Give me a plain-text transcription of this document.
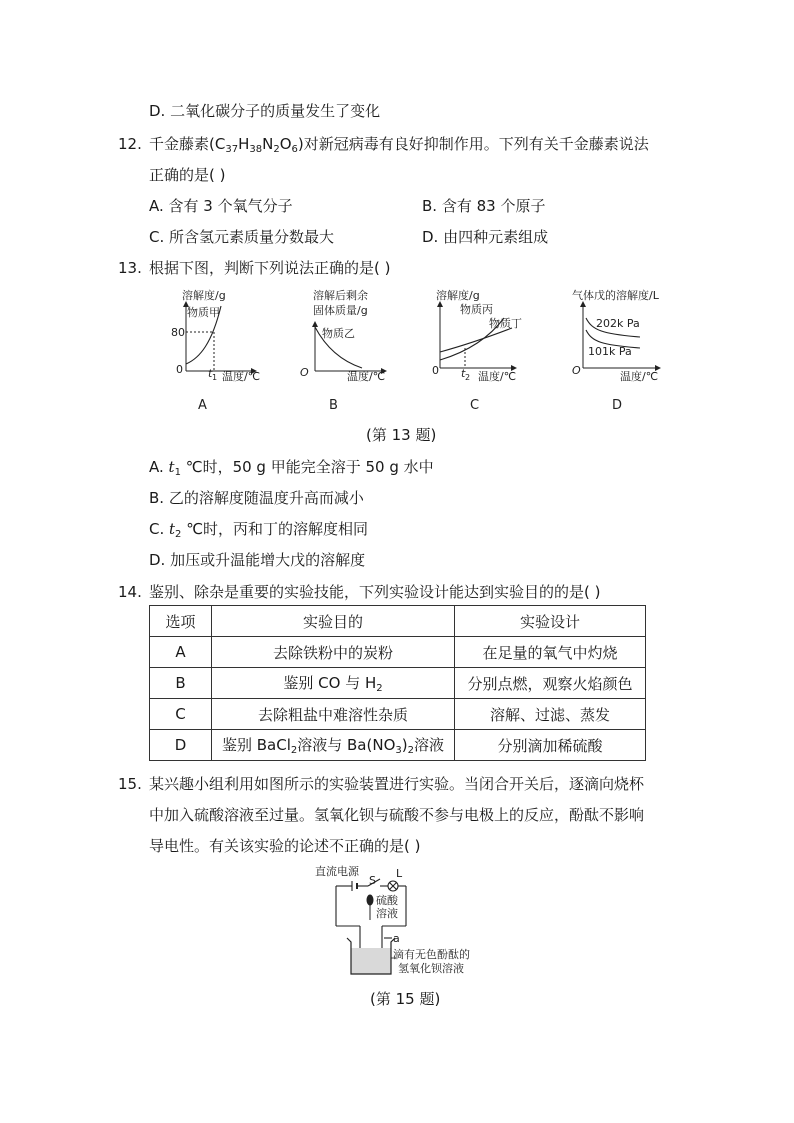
D. 二氧化碳分子的质量发生了变化
12. 千金藤素$(C_{37}H_{38}N_2O_6)$对新冠病毒有良好抑制作用。下列有关千金藤素说法
正确的是( )
A. 含有 3 个氧气分子	B. 含有 83 个原子
C. 所含氢元素质量分数最大	D. 由四种元素组成
13. 根据下图，判断下列说法正确的是( )
溶解度/g
物质甲
80
0 t 1 温度/℃
A
溶解后剩余
固体质量/g
物质乙
O	温度/℃
B
溶解度/g
物质丙
物质丁
0 t 2 温度/℃
C
气体戊的溶解度/L
202k Pa
101k Pa
O	温度/℃
D
(第 13 题)
A. $t_1$ ℃时，50 g 甲能完全溶于 50 g 水中
B. 乙的溶解度随温度升高而减小
C. $t_2$ ℃时，丙和丁的溶解度相同
D. 加压或升温能增大戊的溶解度
14. 鉴别、除杂是重要的实验技能，下列实验设计能达到实验目的的是( )
选项	实验目的	实验设计
A	去除铁粉中的炭粉	在足量的氧气中灼烧
B	鉴别 CO 与 $H_2$	分别点燃，观察火焰颜色
C	去除粗盐中难溶性杂质	溶解、过滤、蒸发
D	鉴别 BaCl$_2$溶液与 $Ba(NO_3)_2$溶液	分别滴加稀硫酸
15. 某兴趣小组利用如图所示的实验装置进行实验。当闭合开关后，逐滴向烧杯
中加入硫酸溶液至过量。氢氧化钡与硫酸不参与电极上的反应，酚酞不影响
导电性。有关该实验的论述不正确的是( )
直流电源
S
L
硫酸
溶液
a
滴有无色酚酞的
氢氧化钡溶液
(第 15 题)
